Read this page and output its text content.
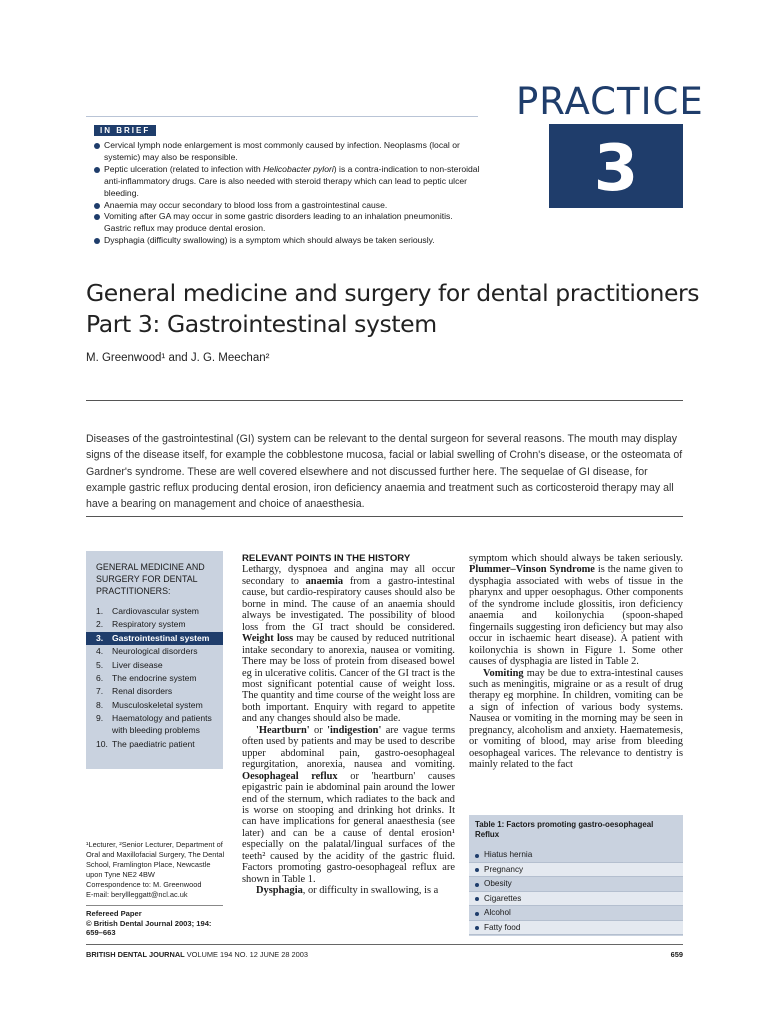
PRACTICE
3
IN BRIEF
Cervical lymph node enlargement is most commonly caused by infection. Neoplasms (local or systemic) may also be responsible.
Peptic ulceration (related to infection with Helicobacter pylori) is a contra-indication to non-steroidal anti-inflammatory drugs. Care is also needed with steroid therapy which can lead to peptic ulcer bleeding.
Anaemia may occur secondary to blood loss from a gastrointestinal cause.
Vomiting after GA may occur in some gastric disorders leading to an inhalation pneumonitis. Gastric reflux may produce dental erosion.
Dysphagia (difficulty swallowing) is a symptom which should always be taken seriously.
General medicine and surgery for dental practitioners
Part 3: Gastrointestinal system
M. Greenwood¹ and J. G. Meechan²
Diseases of the gastrointestinal (GI) system can be relevant to the dental surgeon for several reasons. The mouth may display signs of the disease itself, for example the cobblestone mucosa, facial or labial swelling of Crohn's disease, or the osteomata of Gardner's syndrome. These are well covered elsewhere and not discussed further here. The sequelae of GI disease, for example gastric reflux producing dental erosion, iron deficiency anaemia and treatment such as corticosteroid therapy may all have a bearing on management and choice of anaesthesia.
GENERAL MEDICINE AND SURGERY FOR DENTAL PRACTITIONERS:
1. Cardiovascular system
2. Respiratory system
3. Gastrointestinal system
4. Neurological disorders
5. Liver disease
6. The endocrine system
7. Renal disorders
8. Musculoskeletal system
9. Haematology and patients with bleeding problems
10. The paediatric patient
¹Lecturer, ²Senior Lecturer, Department of
Oral and Maxillofacial Surgery, The Dental
School, Framlington Place, Newcastle
upon Tyne NE2 4BW
Correspondence to: M. Greenwood
E-mail: beryllleggatt@ncl.ac.uk
Refereed Paper
© British Dental Journal 2003; 194: 659–663

RELEVANT POINTS IN THE HISTORY

Lethargy, dyspnoea and angina may all occur secondary to anaemia from a gastro-intestinal cause, but cardio-respiratory causes should also be borne in mind. The cause of an anaemia should always be investigated. The possibility of blood loss from the GI tract should be considered. Weight loss may be caused by reduced nutritional intake secondary to anorexia, nausea or vomiting. There may be loss of protein from diseased bowel eg in ulcerative colitis. Cancer of the GI tract is the most significant potential cause of weight loss. The quantity and time course of the weight loss are both important. Enquiry with regard to appetite and any changes should also be made.

'Heartburn' or 'indigestion' are vague terms often used by patients and may be used to describe upper abdominal pain, gastro-oesophageal regurgitation, anorexia, nausea and vomiting. Oesophageal reflux or 'heartburn' causes epigastric pain ie abdominal pain around the lower end of the sternum, which radiates to the back and is worse on stooping and drinking hot drinks. It can have implications for general anaesthesia (see later) and can be a cause of dental erosion¹ especially on the palatal/lingual surfaces of the teeth² caused by the acidity of the gastric fluid. Factors promoting gastro-oesophageal reflux are shown in Table 1.

Dysphagia, or difficulty in swallowing, is a

symptom which should always be taken seriously. Plummer–Vinson Syndrome is the name given to dysphagia associated with webs of tissue in the pharynx and upper oesophagus. Other components of the syndrome include glossitis, iron deficiency anaemia and koilonychia (spoon-shaped fingernails suggesting iron deficiency but may also occur in ischaemic heart disease). A patient with koilonychia is shown in Figure 1. Some other causes of dysphagia are listed in Table 2.

Vomiting may be due to extra-intestinal causes such as meningitis, migraine or as a result of drug therapy eg morphine. In children, vomiting can be a sign of infection of various body systems. Nausea or vomiting in the morning may be seen in pregnancy, alcoholism and anxiety. Haematemesis, or vomiting of blood, may arise from bleeding oesophageal varices. The relevance to dentistry is mainly related to the fact

Table 1: Factors promoting gastro-oesophageal Reflux
Hiatus hernia
Pregnancy
Obesity
Cigarettes
Alcohol
Fatty food
BRITISH DENTAL JOURNAL VOLUME 194 NO. 12 JUNE 28 2003	659
